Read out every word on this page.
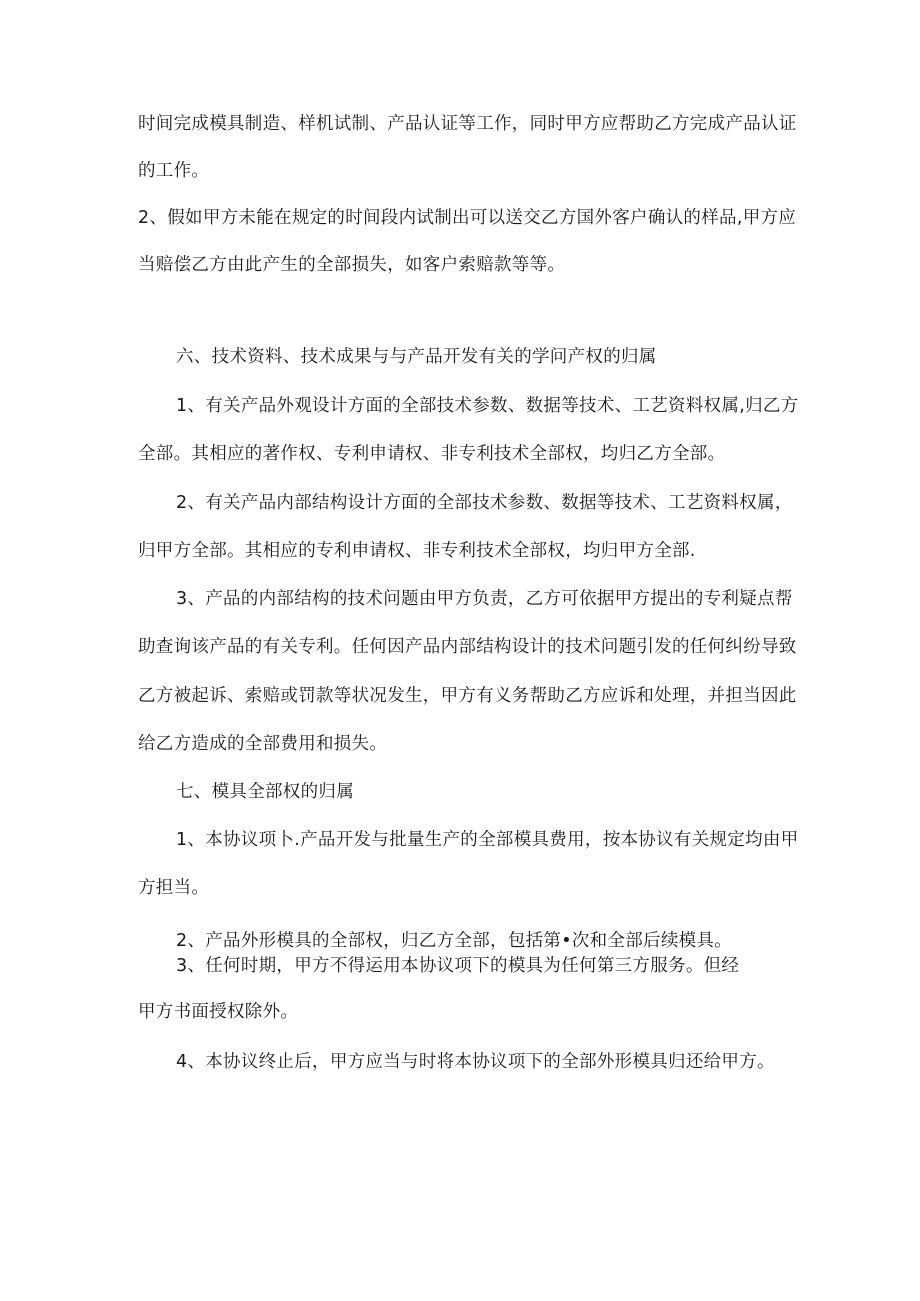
时间完成模具制造、样机试制、产品认证等工作，同时甲方应帮助乙方完成产品认证
的工作。
2、假如甲方未能在规定的时间段内试制出可以送交乙方国外客户确认的样品,甲方应
当赔偿乙方由此产生的全部损失，如客户索赔款等等。
六、技术资料、技术成果与与产品开发有关的学问产权的归属
1、有关产品外观设计方面的全部技术参数、数据等技术、工艺资料权属,归乙方
全部。其相应的著作权、专利申请权、非专利技术全部权，均归乙方全部。
2、有关产品内部结构设计方面的全部技术参数、数据等技术、工艺资料权属，
归甲方全部。其相应的专利申请权、非专利技术全部权，均归甲方全部.
3、产品的内部结构的技术问题由甲方负责，乙方可依据甲方提出的专利疑点帮
助查询该产品的有关专利。任何因产品内部结构设计的技术问题引发的任何纠纷导致
乙方被起诉、索赔或罚款等状况发生，甲方有义务帮助乙方应诉和处理，并担当因此
给乙方造成的全部费用和损失。
七、模具全部权的归属
1、本协议项卜.产品开发与批量生产的全部模具费用，按本协议有关规定均由甲
方担当。
2、产品外形模具的全部权，归乙方全部，包括第•次和全部后续模具。
3、任何时期，甲方不得运用本协议项下的模具为任何第三方服务。但经
甲方书面授权除外。
4、本协议终止后，甲方应当与时将本协议项下的全部外形模具归还给甲方。
